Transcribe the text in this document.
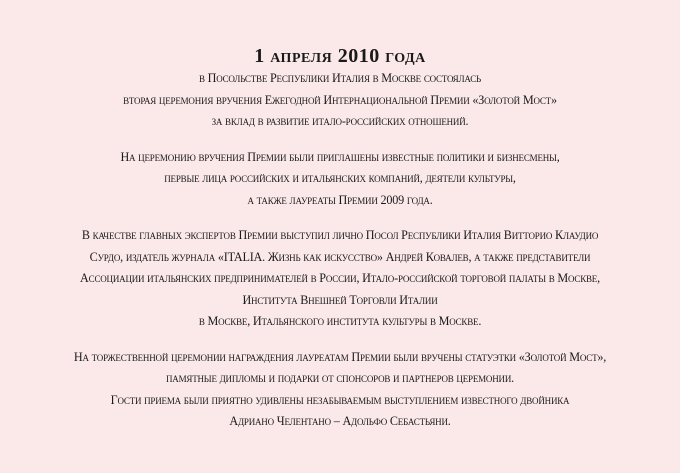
1 апреля 2010 года

в Посольстве Республики Италия в Москве состоялась
вторая церемония вручения Ежегодной Интернациональной Премии «Золотой Мост»
за вклад в развитие итало-российских отношений.

На церемонию вручения Премии были приглашены известные политики и бизнесмены,
первые лица российских и итальянских компаний, деятели культуры,
а также лауреаты Премии 2009 года.

В качестве главных экспертов Премии выступил лично Посол Республики Италия Витторио Клаудио
Сурдо, издатель журнала «ITALIA. Жизнь как искусство» Андрей Ковалев, а также представители
Ассоциации итальянских предпринимателей в России, Итало-российской торговой палаты в Москве,
Института Внешней Торговли Италии
в Москве, Итальянского института культуры в Москве.

На торжественной церемонии награждения лауреатам Премии были вручены статуэтки «Золотой Мост»,
памятные дипломы и подарки от спонсоров и партнеров церемонии.
Гости приема были приятно удивлены незабываемым выступлением известного двойника
Адриано Челентано – Адольфо Себастьяни.
